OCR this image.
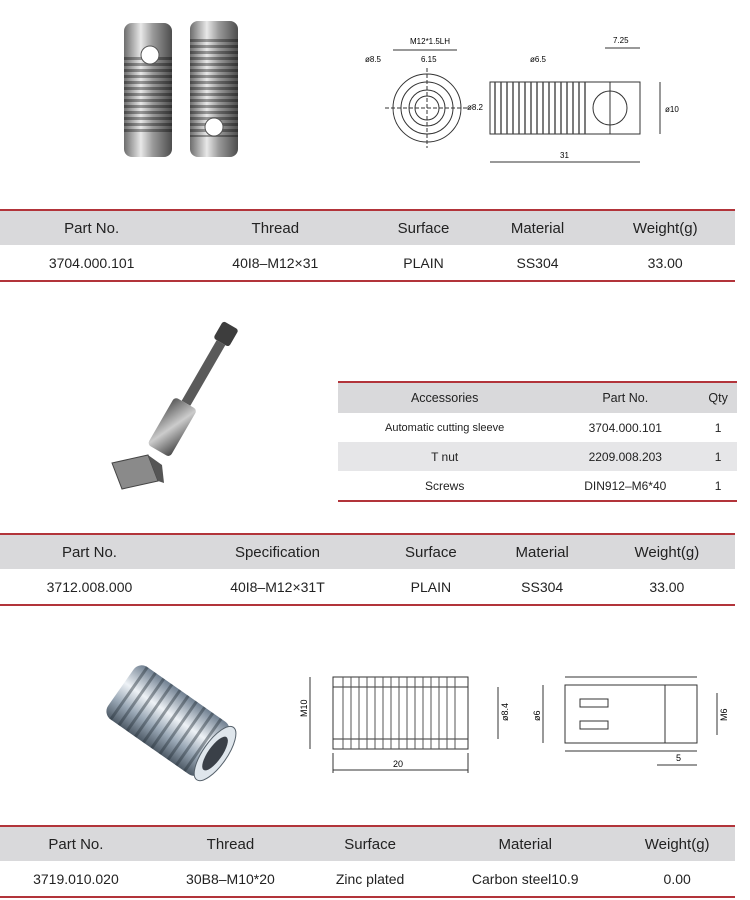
M12*1.5LH
ø8.5	6.15
ø8.2
ø6.5
7.25
ø10
31
Part No.	Thread	Surface	Material	Weight(g)
3704.000.101	40I8–M12×31	PLAIN	SS304	33.00
Accessories	Part No.	Qty
Automatic cutting sleeve	3704.000.101	1
T nut	2209.008.203	1
Screws	DIN912–M6*40	1
Part No.	Specification	Surface	Material	Weight(g)
3712.008.000	40I8–M12×31T	PLAIN	SS304	33.00
M10	ø8.4
20
ø6	M6
5
Part No.	Thread	Surface	Material	Weight(g)
3719.010.020	30B8–M10*20	Zinc plated	Carbon steel10.9	0.00
